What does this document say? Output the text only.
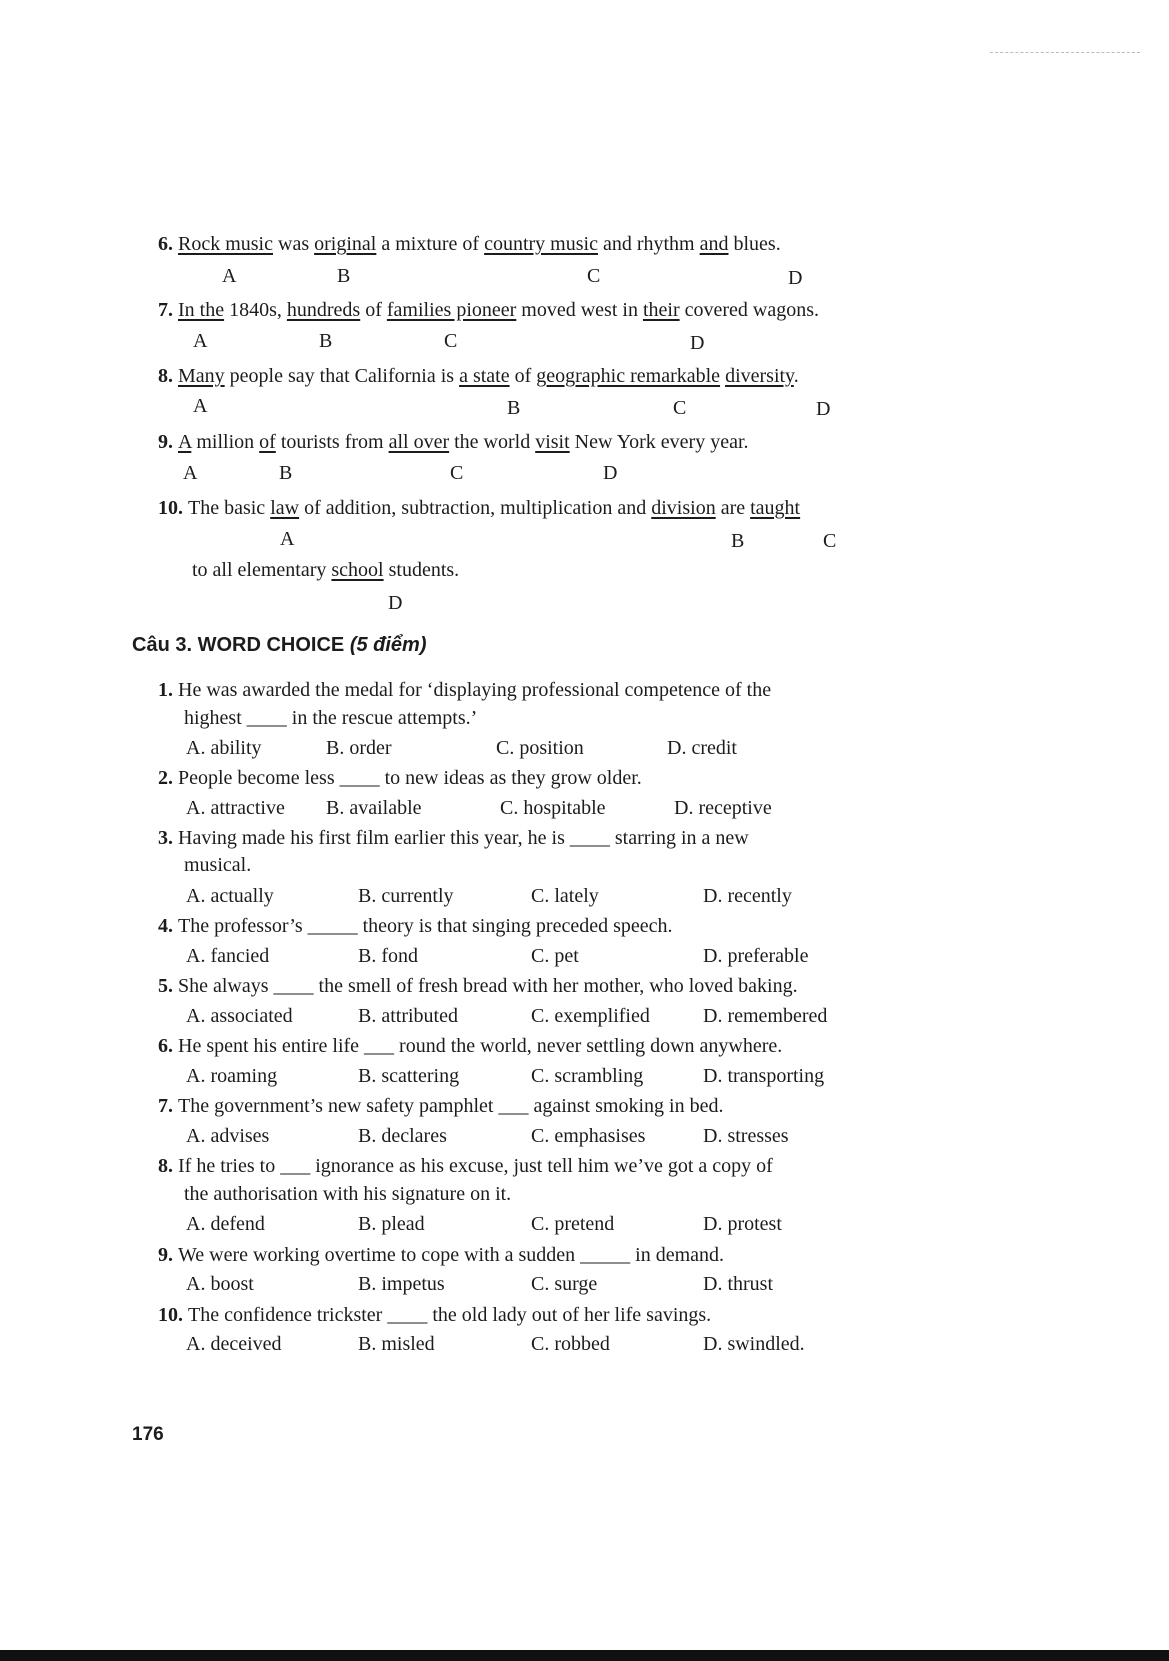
6. Rock music was original a mixture of country music and rhythm and blues.
A	B	C	D
7. In the 1840s, hundreds of families pioneer moved west in their covered wagons.
A	B	C	D
8. Many people say that California is a state of geographic remarkable diversity.
A	B	C	D
9. A million of tourists from all over the world visit New York every year.
A	B	C	D
10. The basic law of addition, subtraction, multiplication and division are taught
A	B	C
to all elementary school students.
D
Câu 3. WORD CHOICE (5 điểm)
1. He was awarded the medal for ‘displaying professional competence of the
highest ____ in the rescue attempts.’
A. ability	B. order	C. position	D. credit
2. People become less ____ to new ideas as they grow older.
A. attractive B. available	C. hospitable	D. receptive
3. Having made his first film earlier this year, he is ____ starring in a new
musical.
A. actually	B. currently	C. lately	D. recently
4. The professor’s _____ theory is that singing preceded speech.
A. fancied	B. fond	C. pet	D. preferable
5. She always ____ the smell of fresh bread with her mother, who loved baking.
A. associated	B. attributed	C. exemplified	D. remembered
6. He spent his entire life ___ round the world, never settling down anywhere.
A. roaming	B. scattering	C. scrambling	D. transporting
7. The government’s new safety pamphlet ___ against smoking in bed.
A. advises	B. declares	C. emphasises	D. stresses
8. If he tries to ___ ignorance as his excuse, just tell him we’ve got a copy of
the authorisation with his signature on it.
A. defend	B. plead	C. pretend	D. protest
9. We were working overtime to cope with a sudden _____ in demand.
A. boost	B. impetus	C. surge	D. thrust
10. The confidence trickster ____ the old lady out of her life savings.
A. deceived	B. misled	C. robbed	D. swindled.
176
